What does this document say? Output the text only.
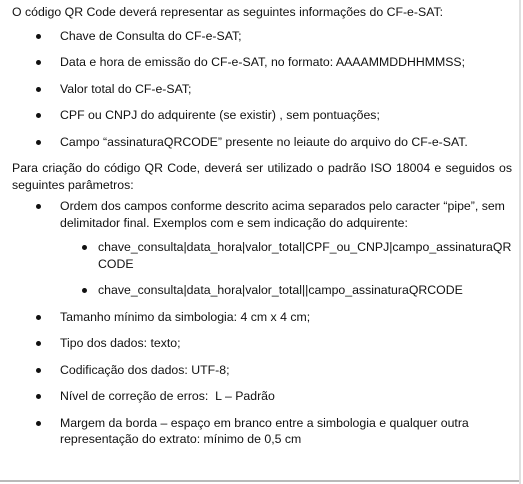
O código QR Code deverá representar as seguintes informações do CF-e-SAT:

Chave de Consulta do CF-e-SAT;
Data e hora de emissão do CF-e-SAT, no formato: AAAAMMDDHHMMSS;
Valor total do CF-e-SAT;
CPF ou CNPJ do adquirente (se existir) , sem pontuações;
Campo “assinaturaQRCODE” presente no leiaute do arquivo do CF-e-SAT.

Para criação do código QR Code, deverá ser utilizado o padrão ISO 18004 e seguidos os seguintes parâmetros:

Ordem dos campos conforme descrito acima separados pelo caracter “pipe”, sem delimitador final. Exemplos com e sem indicação do adquirente:
chave_consulta|data_hora|valor_total|CPF_ou_CNPJ|campo_assinaturaQRCODE
chave_consulta|data_hora|valor_total||campo_assinaturaQRCODE
Tamanho mínimo da simbologia: 4 cm x 4 cm;
Tipo dos dados: texto;
Codificação dos dados: UTF-8;
Nível de correção de erros:  L – Padrão
Margem da borda – espaço em branco entre a simbologia e qualquer outra representação do extrato: mínimo de 0,5 cm
